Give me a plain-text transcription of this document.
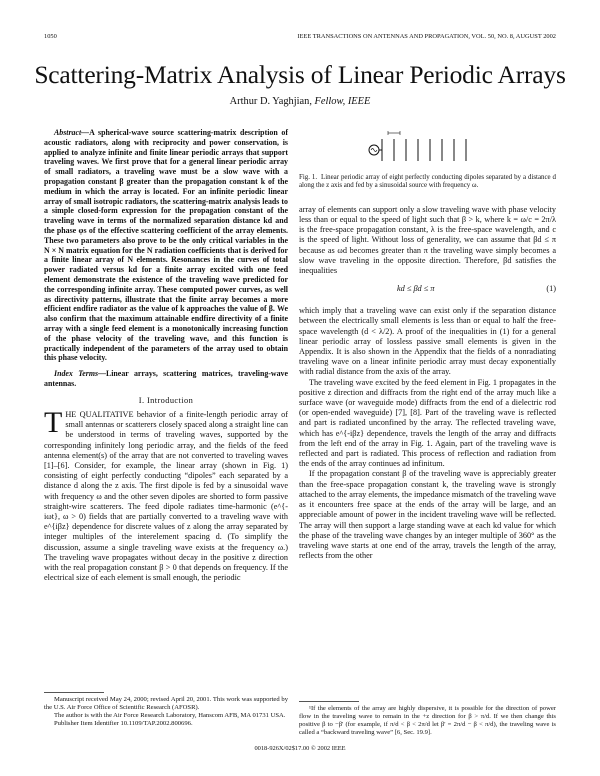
1050	IEEE TRANSACTIONS ON ANTENNAS AND PROPAGATION, VOL. 50, NO. 8, AUGUST 2002
Scattering-Matrix Analysis of Linear Periodic Arrays
Arthur D. Yaghjian, Fellow, IEEE

Abstract—A spherical-wave source scattering-matrix description of acoustic radiators, along with reciprocity and power conservation, is applied to analyze infinite and finite linear periodic arrays that support traveling waves. We first prove that for a general linear periodic array of small radiators, a traveling wave must be a slow wave with a propagation constant β greater than the propagation constant k of the medium in which the array is located. For an infinite periodic linear array of small isotropic radiators, the scattering-matrix analysis leads to a simple closed-form expression for the propagation constant of the traveling wave in terms of the normalized separation distance kd and the phase φs of the effective scattering coefficient of the array elements. These two parameters also prove to be the only critical variables in the N × N matrix equation for the N radiation coefficients that is derived for a finite linear array of N elements. Resonances in the curves of total power radiated versus kd for a finite array excited with one feed element demonstrate the existence of the traveling wave predicted for the corresponding infinite array. These computed power curves, as well as directivity patterns, illustrate that the finite array becomes a more efficient endfire radiator as the value of k approaches the value of β. We also confirm that the maximum attainable endfire directivity of a finite array with a single feed element is a monotonically increasing function of the phase velocity of the traveling wave, and this function is practically independent of the parameters of the array used to obtain this phase velocity.

Index Terms—Linear arrays, scattering matrices, traveling-wave antennas.

I. Introduction

THE QUALITATIVE behavior of a finite-length periodic array of small antennas or scatterers closely spaced along a straight line can be understood in terms of traveling waves, supported by the corresponding infinitely long periodic array, and the fields of the feed antenna element(s) of the array that are not converted to traveling waves [1]–[6]. Consider, for example, the linear array (shown in Fig. 1) consisting of eight perfectly conducting “dipoles” each separated by a distance d along the z axis. The first dipole is fed by a sinusoidal wave with frequency ω and the other seven dipoles are shorted to form passive straight-wire scatterers. The feed dipole radiates time-harmonic (e^{-iωt}, ω > 0) fields that are partially converted to a traveling wave with e^{iβz} dependence for discrete values of z along the array separated by integer multiples of the interelement spacing d. (To simplify the discussion, assume a single traveling wave exists at the frequency ω.) The traveling wave propagates without decay in the positive z direction with the real propagation constant β > 0 that depends on frequency. If the electrical size of each element is small enough, the periodic

Manuscript received May 24, 2000; revised April 20, 2001. This work was supported by the U.S. Air Force Office of Scientific Research (AFOSR).

The author is with the Air Force Research Laboratory, Hanscom AFB, MA 01731 USA.

Publisher Item Identifier 10.1109/TAP.2002.800696.

Fig. 1. Linear periodic array of eight perfectly conducting dipoles separated by a distance d along the z axis and fed by a sinusoidal source with frequency ω.

array of elements can support only a slow traveling wave with phase velocity less than or equal to the speed of light such that β > k, where k = ω/c = 2π/λ is the free-space propagation constant, λ is the free-space wavelength, and c is the speed of light. Without loss of generality, we can assume that βd ≤ π because as ωd becomes greater than π the traveling wave simply becomes a slow wave traveling in the opposite direction. Therefore, βd satisfies the inequalities

kd ≤ βd ≤ π	(1)

which imply that a traveling wave can exist only if the separation distance between the electrically small elements is less than or equal to half the free-space wavelength (d < λ/2). A proof of the inequalities in (1) for a general linear periodic array of lossless passive small elements is given in the Appendix. It is also shown in the Appendix that the fields of a nonradiating traveling wave on a linear infinite periodic array must decay exponentially with radial distance from the axis of the array.

The traveling wave excited by the feed element in Fig. 1 propagates in the positive z direction and diffracts from the right end of the array much like a surface wave (or waveguide mode) diffracts from the end of a dielectric rod (or open-ended waveguide) [7], [8]. Part of the traveling wave is reflected and part is radiated unconfined by the array. The reflected traveling wave, which has e^{-iβz} dependence, travels the length of the array and diffracts from the left end of the array in Fig. 1. Again, part of the traveling wave is reflected and part is radiated. This process of reflection and radiation from the ends of the array continues ad infinitum.

If the propagation constant β of the traveling wave is appreciably greater than the free-space propagation constant k, the traveling wave is strongly attached to the array elements, the impedance mismatch of the traveling wave as it encounters free space at the ends of the array will be large, and an appreciable amount of power in the incident traveling wave will be reflected. The array will then support a large standing wave at each kd value for which the phase of the traveling wave changes by an integer multiple of 360° as the traveling wave starts at one end of the array, travels the length of the array, reflects from the other

¹If the elements of the array are highly dispersive, it is possible for the direction of power flow in the traveling wave to remain in the +z direction for β > π/d. If we then change this positive β to −β' (for example, if π/d < β < 2π/d let β' = 2π/d − β < π/d), the traveling wave is called a “backward traveling wave” [6, Sec. 19.9].

0018-926X/02$17.00 © 2002 IEEE
